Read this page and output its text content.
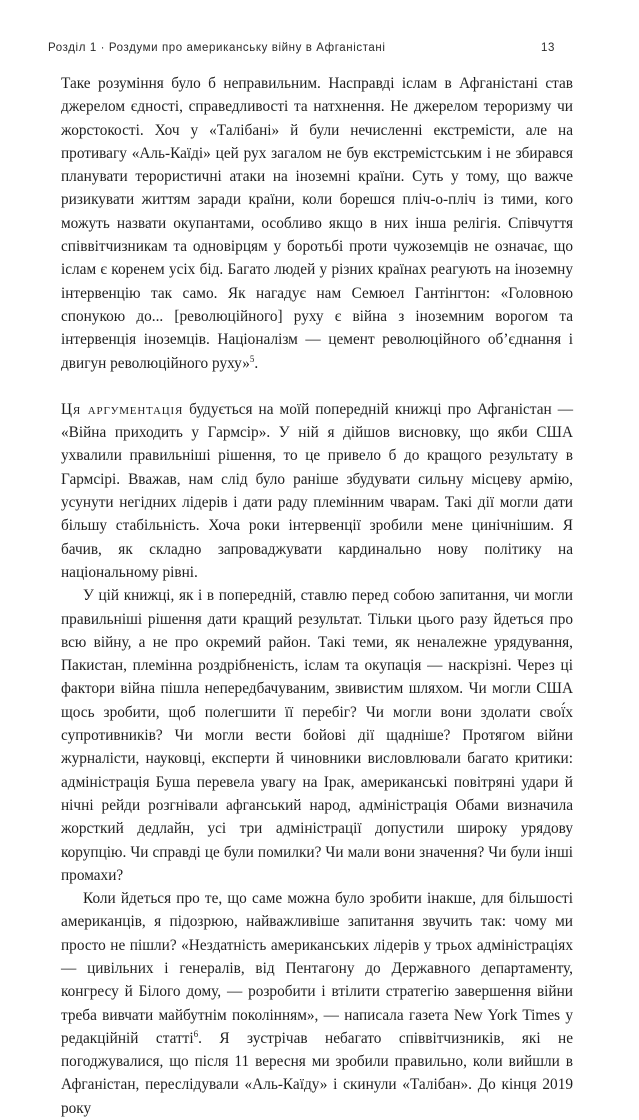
Розділ 1 · Роздуми про американську війну в Афганістані	13

Таке розуміння було б неправильним. Насправді іслам в Афганістані став джерелом єдності, справедливості та натхнення. Не джерелом тероризму чи жорстокості. Хоч у «Талібані» й були нечисленні екстремісти, але на противагу «Аль-Каїді» цей рух загалом не був екстремістським і не збирався планувати терористичні атаки на іноземні країни. Суть у тому, що важче ризикувати життям заради країни, коли борешся пліч-о-пліч із тими, кого можуть назвати окупантами, особливо якщо в них інша релігія. Співчуття співвітчизникам та одновірцям у боротьбі проти чужоземців не означає, що іслам є коренем усіх бід. Багато людей у різних країнах реагують на іноземну інтервенцію так само. Як нагадує нам Семюел Гантінгтон: «Головною спонукою до... [революційного] руху є війна з іноземним ворогом та інтервенція іноземців. Націоналізм — цемент революційного об’єднання і двигун революційного руху»$^5$.

Ця аргументація будується на моїй попередній книжці про Афганістан — «Війна приходить у Гармсір». У ній я дійшов висновку, що якби США ухвалили правильніші рішення, то це привело б до кращого результату в Гармсірі. Вважав, нам слід було раніше збудувати сильну місцеву армію, усунути негідних лідерів і дати раду племінним чварам. Такі дії могли дати більшу стабільність. Хоча роки інтервенції зробили мене цинічнішим. Я бачив, як складно запроваджувати кардинально нову політику на національному рівні.

У цій книжці, як і в попередній, ставлю перед собою запитання, чи могли правильніші рішення дати кращий результат. Тільки цього разу йдеться про всю війну, а не про окремий район. Такі теми, як неналежне урядування, Пакистан, племінна роздрібненість, іслам та окупація — наскрізні. Через ці фактори війна пішла непередбачуваним, звивистим шляхом. Чи могли США щось зробити, щоб полегшити її перебіг? Чи могли вони здолати свої́х супротивників? Чи могли вести бойові дії щадніше? Протягом війни журналісти, науковці, експерти й чиновники висловлювали багато критики: адміністрація Буша перевела увагу на Ірак, американські повітряні удари й нічні рейди розгнівали афганський народ, адміністрація Обами визначила жорсткий дедлайн, усі три адміністрації допустили широку урядову корупцію. Чи справді це були помилки? Чи мали вони значення? Чи були інші промахи?

Коли йдеться про те, що саме можна було зробити інакше, для більшості американців, я підозрюю, найважливіше запитання звучить так: чому ми просто не пішли? «Нездатність американських лідерів у трьох адміністраціях — цивільних і генералів, від Пентагону до Державного департаменту, конгресу й Білого дому, — розробити і втілити стратегію завершення війни треба вивчати майбутнім поколінням», — написала газета New York Times у редакційній статті$^6$. Я зустрічав небагато співвітчизників, які не погоджувалися, що після 11 вересня ми зробили правильно, коли вийшли в Афганістан, переслідували «Аль-Каїду» і скинули «Талібан». До кінця 2019 року
